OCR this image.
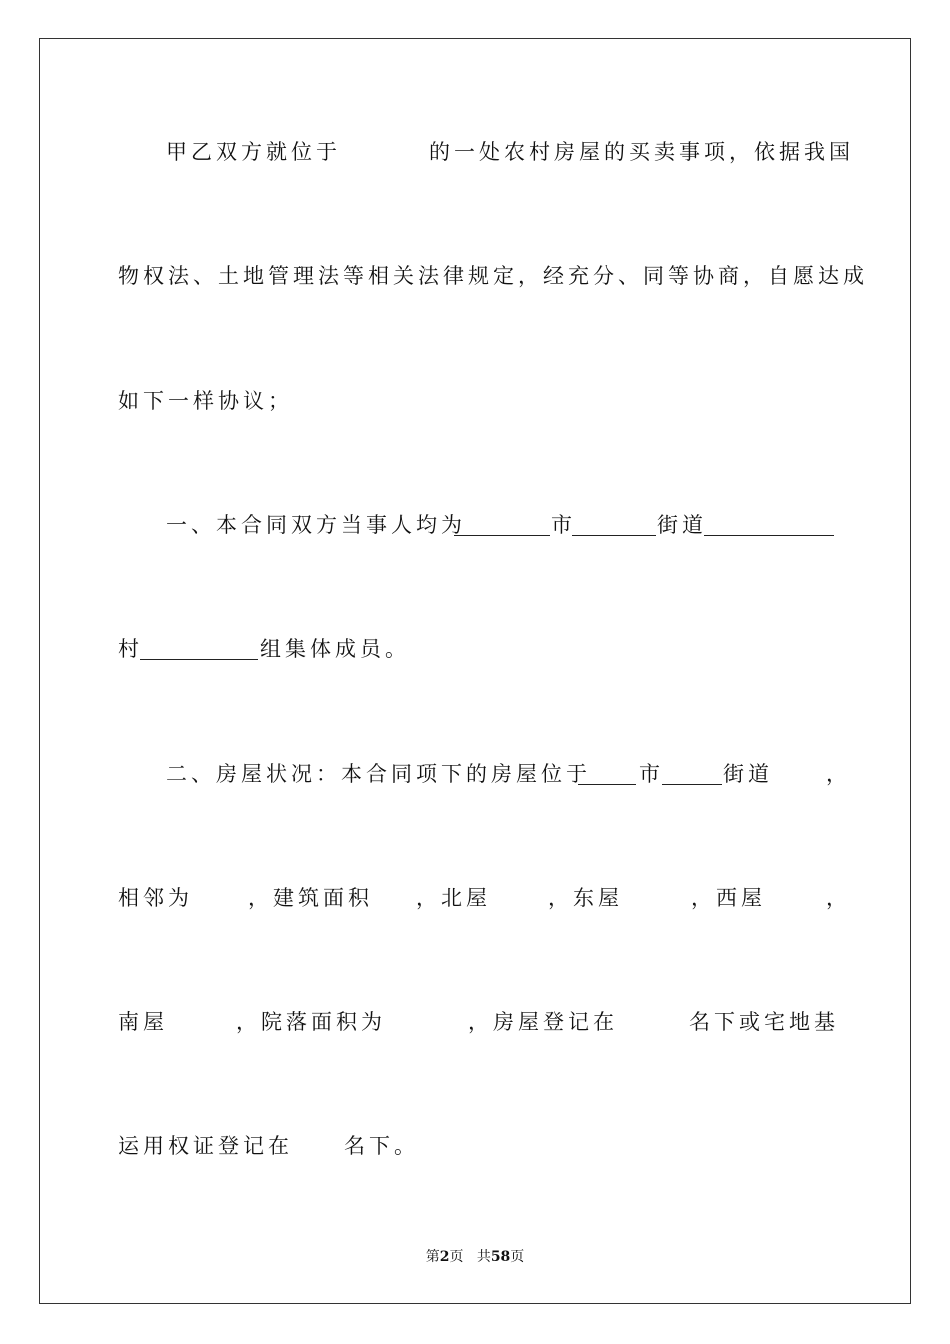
甲乙双方就位于

	的一处农村房屋的买卖事项，依据我国

物权法、土地管理法等相关法律规定，经充分、同等协商，自愿达成

如下一样协议；

一、本合同双方当事人均为

	市

	街道

村

	组集体成员。

二、房屋状况：本合同项下的房屋位于

市

	街道

	，

相邻为

	，建筑面积

，北屋

	，东屋

	，西屋

	，

南屋

	，院落面积为

	，房屋登记在

	名下或宅地基

运用权证登记在

名下。

第2页 共58页
